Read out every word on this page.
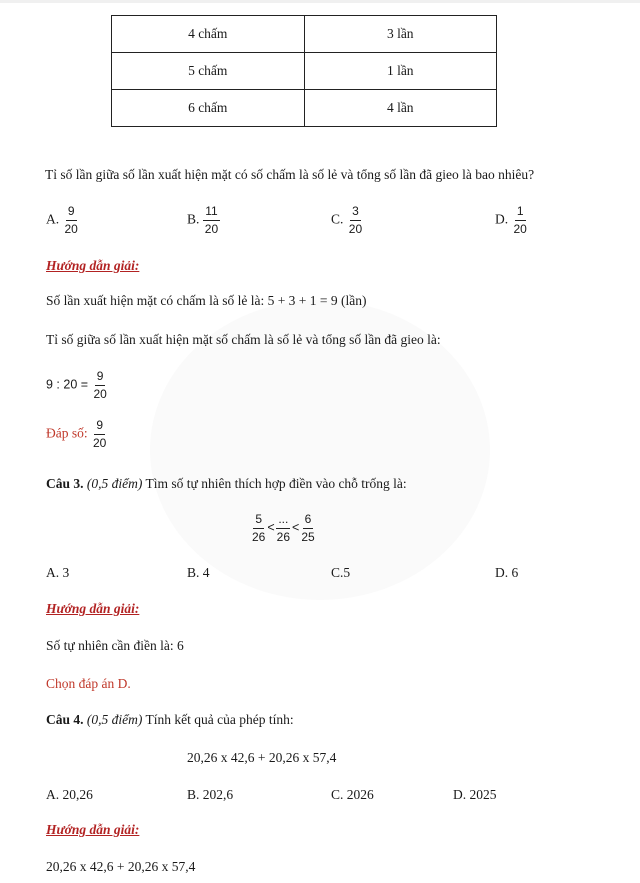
4 chấm	3 lần
5 chấm	1 lần
6 chấm	4 lần
Tỉ số lần giữa số lần xuất hiện mặt có số chấm là số lẻ và tổng số lần đã gieo là bao nhiêu?
A. $\frac{9}{20}$	B. $\frac{11}{20}$	C. $\frac{3}{20}$	D. $\frac{1}{20}$
Hướng dẫn giải:
Số lần xuất hiện mặt có chấm là số lẻ là: 5 + 3 + 1 = 9 (lần)
Tỉ số giữa số lần xuất hiện mặt số chấm là số lẻ và tổng số lần đã gieo là:
9 : $20 = \frac{9}{20}$
Đáp số: $\frac{9}{20}$
Câu 3. (0,5 điểm) Tìm số tự nhiên thích hợp điền vào chỗ trống là:
$\frac{5}{26} < \frac{...}{26} < \frac{6}{25}$
A. 3	B. 4	C.5	D. 6
Hướng dẫn giải:
Số tự nhiên cần điền là: 6
Chọn đáp án D.
Câu 4. (0,5 điểm) Tính kết quả của phép tính:
20,26 x 42,6 + 20,26 x 57,4
A. 20,26	B. 202,6	C. 2026	D. 2025
Hướng dẫn giải:
20,26 x 42,6 + 20,26 x 57,4
